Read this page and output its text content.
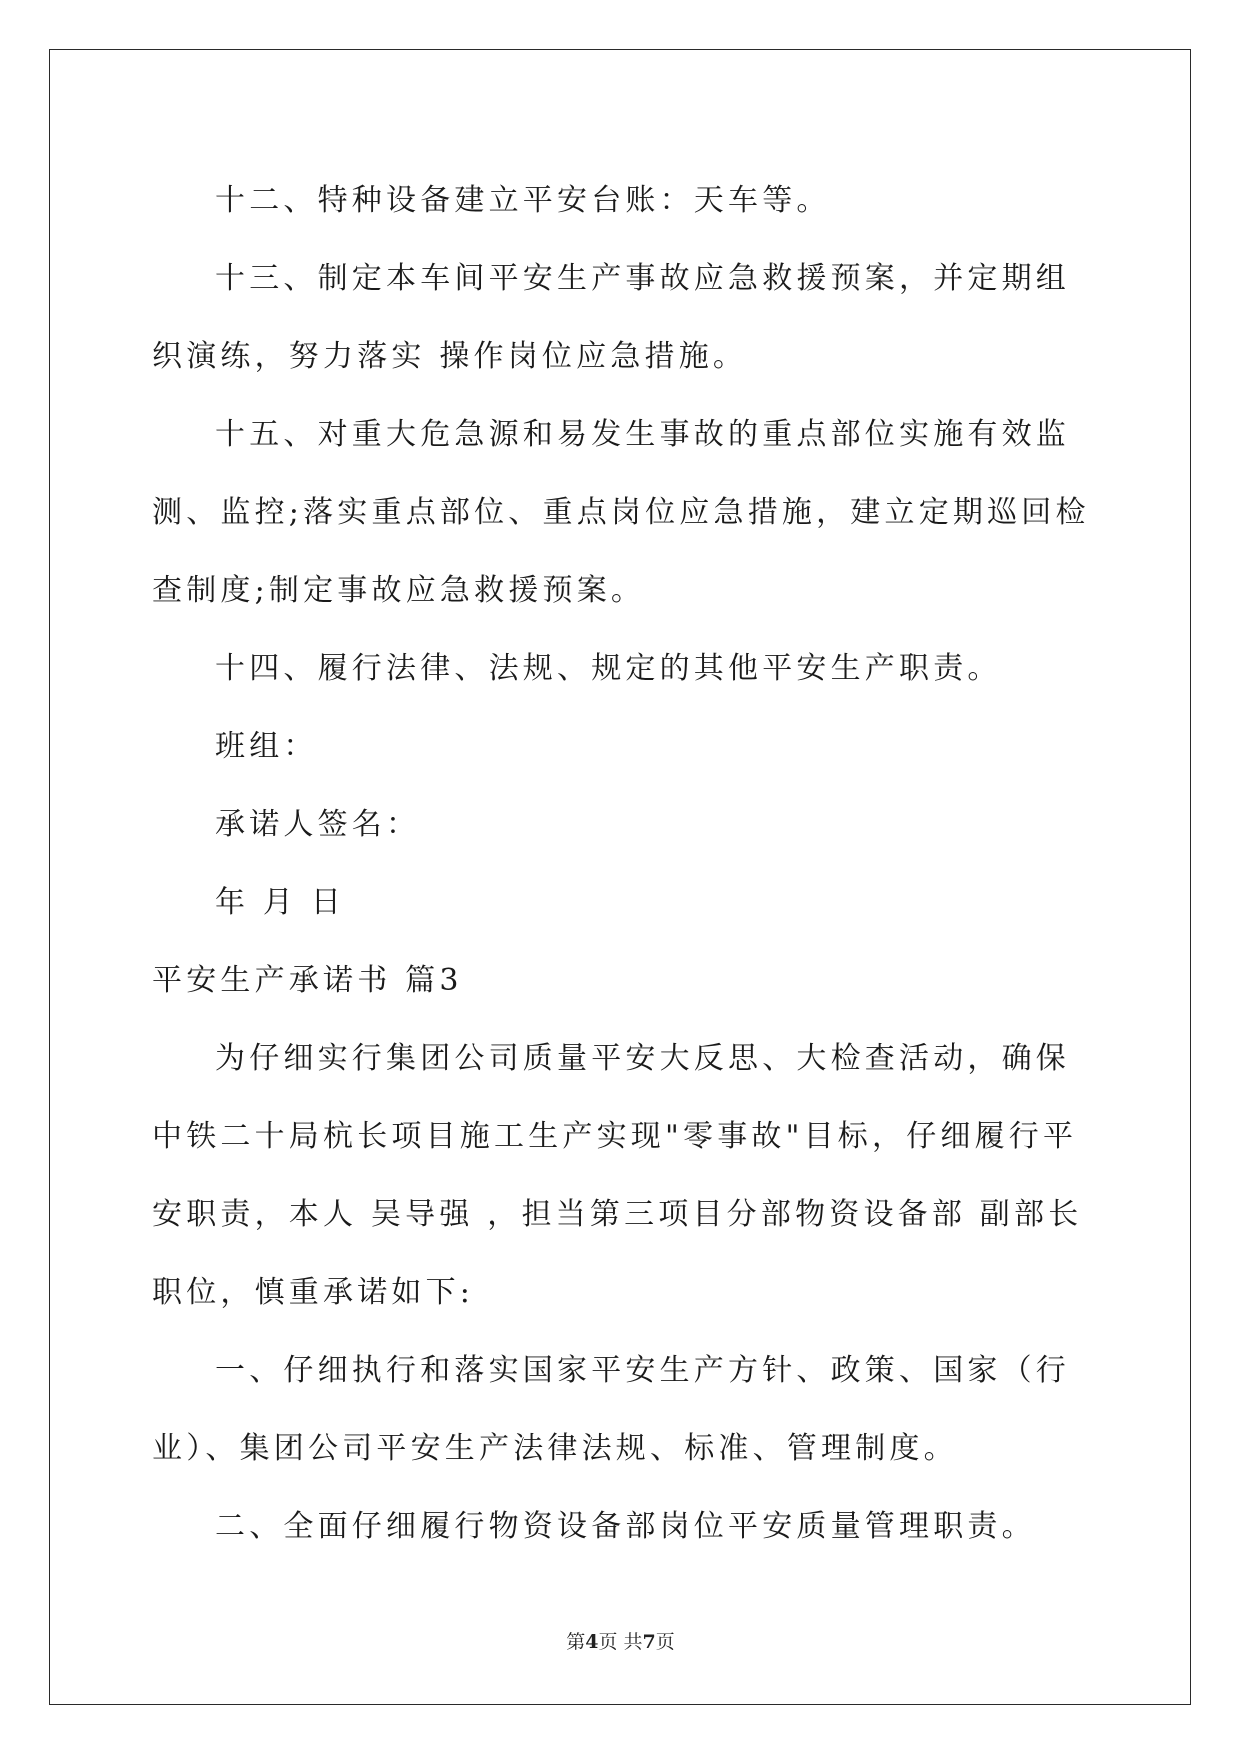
十二、特种设备建立平安台账：天车等。

十三、制定本车间平安生产事故应急救援预案，并定期组织演练，努力落实 操作岗位应急措施。

十五、对重大危急源和易发生事故的重点部位实施有效监测、监控;落实重点部位、重点岗位应急措施，建立定期巡回检查制度;制定事故应急救援预案。

十四、履行法律、法规、规定的其他平安生产职责。

班组：

承诺人签名：

年 月 日

平安生产承诺书 篇3

为仔细实行集团公司质量平安大反思、大检查活动，确保中铁二十局杭长项目施工生产实现"零事故"目标，仔细履行平安职责，本人 吴导强 ，担当第三项目分部物资设备部 副部长 职位，慎重承诺如下:

一、仔细执行和落实国家平安生产方针、政策、国家（行业）、集团公司平安生产法律法规、标准、管理制度。

二、全面仔细履行物资设备部岗位平安质量管理职责。

第4页 共7页
